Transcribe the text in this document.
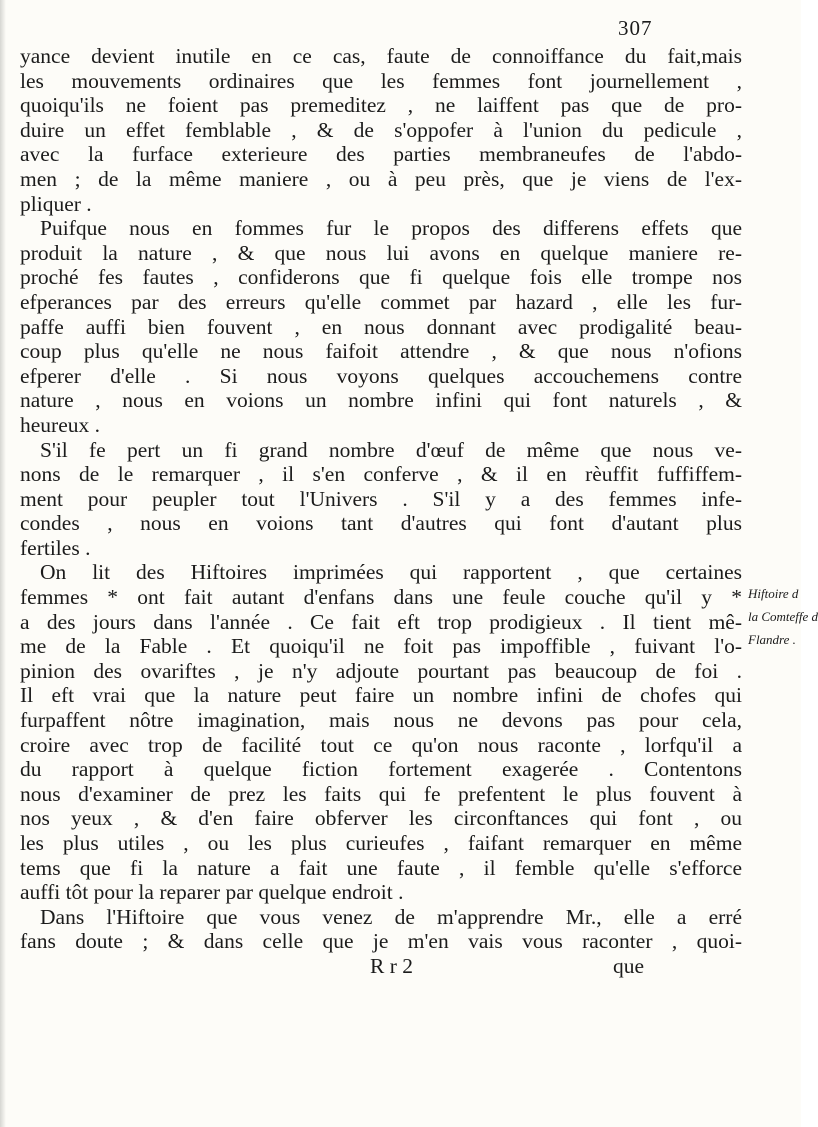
307
yance devient inutile en ce cas, faute de connoiffance du fait,mais
les mouvements ordinaires que les femmes font journellement ,
quoiqu'ils ne foient pas premeditez , ne laiffent pas que de pro-
duire un effet femblable , & de s'oppofer à l'union du pedicule ,
avec la furface exterieure des parties membraneufes de l'abdo-
men ; de la même maniere , ou à peu près, que je viens de l'ex-
pliquer .
Puifque nous en fommes fur le propos des differens effets que
produit la nature , & que nous lui avons en quelque maniere re-
proché fes fautes , confiderons que fi quelque fois elle trompe nos
efperances par des erreurs qu'elle commet par hazard , elle les fur-
paffe auffi bien fouvent , en nous donnant avec prodigalité beau-
coup plus qu'elle ne nous faifoit attendre , & que nous n'ofions
efperer d'elle . Si nous voyons quelques accouchemens contre
nature , nous en voions un nombre infini qui font naturels , &
heureux .
S'il fe pert un fi grand nombre d'œuf de même que nous ve-
nons de le remarquer , il s'en conferve , & il en rèuffit fuffiffem-
ment pour peupler tout l'Univers . S'il y a des femmes infe-
condes , nous en voions tant d'autres qui font d'autant plus
fertiles .
On lit des Hiftoires imprimées qui rapportent , que certaines
femmes * ont fait autant d'enfans dans une feule couche qu'il y *
a des jours dans l'année . Ce fait eft trop prodigieux . Il tient mê-
me de la Fable . Et quoiqu'il ne foit pas impoffible , fuivant l'o-
pinion des ovariftes , je n'y adjoute pourtant pas beaucoup de foi .
Il eft vrai que la nature peut faire un nombre infini de chofes qui
furpaffent nôtre imagination, mais nous ne devons pas pour cela,
croire avec trop de facilité tout ce qu'on nous raconte , lorfqu'il a
du rapport à quelque fiction fortement exagerée . Contentons
nous d'examiner de prez les faits qui fe prefentent le plus fouvent à
nos yeux , & d'en faire obferver les circonftances qui font , ou
les plus utiles , ou les plus curieufes , faifant remarquer en même
tems que fi la nature a fait une faute , il femble qu'elle s'efforce
auffi tôt pour la reparer par quelque endroit .
Dans l'Hiftoire que vous venez de m'apprendre Mr., elle a erré
fans doute ; & dans celle que je m'en vais vous raconter , quoi-
R r 2	que
Hiftoire d
la Comteffe d
Flandre .
